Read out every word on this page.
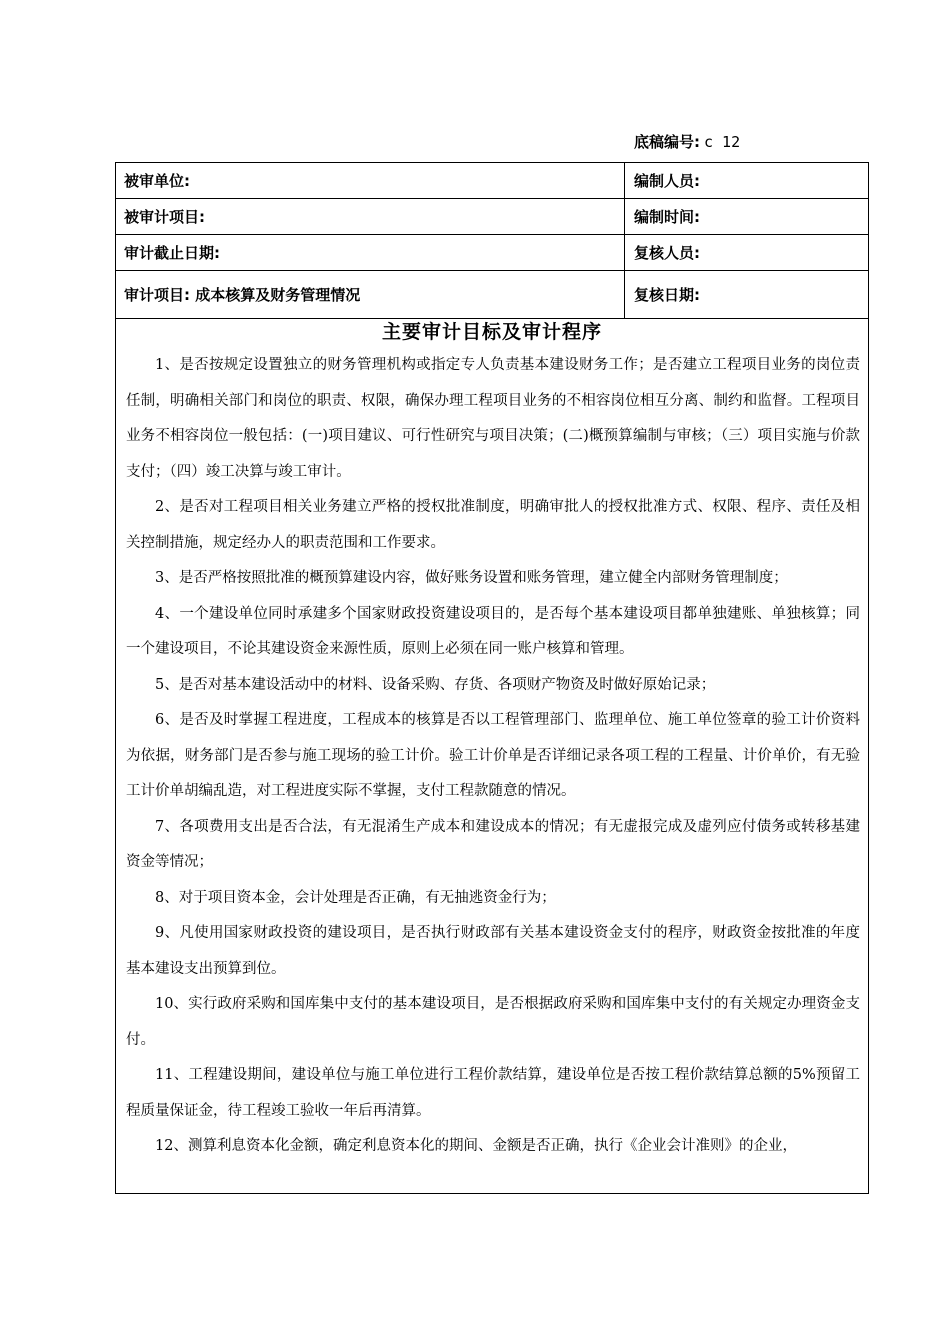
底稿编号: c 12
被审单位:	编制人员:
被审计项目:	编制时间:
审计截止日期:	复核人员:
审计项目: 成本核算及财务管理情况	复核日期:
主要审计目标及审计程序

1、是否按规定设置独立的财务管理机构或指定专人负责基本建设财务工作；是否建立工程项目业务的岗位责任制，明确相关部门和岗位的职责、权限，确保办理工程项目业务的不相容岗位相互分离、制约和监督。工程项目业务不相容岗位一般包括：(一)项目建议、可行性研究与项目决策；(二)概预算编制与审核；（三）项目实施与价款支付；（四）竣工决算与竣工审计。

2、是否对工程项目相关业务建立严格的授权批准制度，明确审批人的授权批准方式、权限、程序、责任及相关控制措施，规定经办人的职责范围和工作要求。

3、是否严格按照批准的概预算建设内容，做好账务设置和账务管理，建立健全内部财务管理制度；

4、一个建设单位同时承建多个国家财政投资建设项目的，是否每个基本建设项目都单独建账、单独核算；同一个建设项目，不论其建设资金来源性质，原则上必须在同一账户核算和管理。

5、是否对基本建设活动中的材料、设备采购、存货、各项财产物资及时做好原始记录；

6、是否及时掌握工程进度，工程成本的核算是否以工程管理部门、监理单位、施工单位签章的验工计价资料为依据，财务部门是否参与施工现场的验工计价。验工计价单是否详细记录各项工程的工程量、计价单价，有无验工计价单胡编乱造，对工程进度实际不掌握，支付工程款随意的情况。

7、各项费用支出是否合法，有无混淆生产成本和建设成本的情况；有无虚报完成及虚列应付债务或转移基建资金等情况；

8、对于项目资本金，会计处理是否正确，有无抽逃资金行为；

9、凡使用国家财政投资的建设项目，是否执行财政部有关基本建设资金支付的程序，财政资金按批准的年度基本建设支出预算到位。

10、实行政府采购和国库集中支付的基本建设项目，是否根据政府采购和国库集中支付的有关规定办理资金支付。

11、工程建设期间，建设单位与施工单位进行工程价款结算，建设单位是否按工程价款结算总额的5%预留工程质量保证金，待工程竣工验收一年后再清算。

12、测算利息资本化金额，确定利息资本化的期间、金额是否正确，执行《企业会计准则》的企业，
